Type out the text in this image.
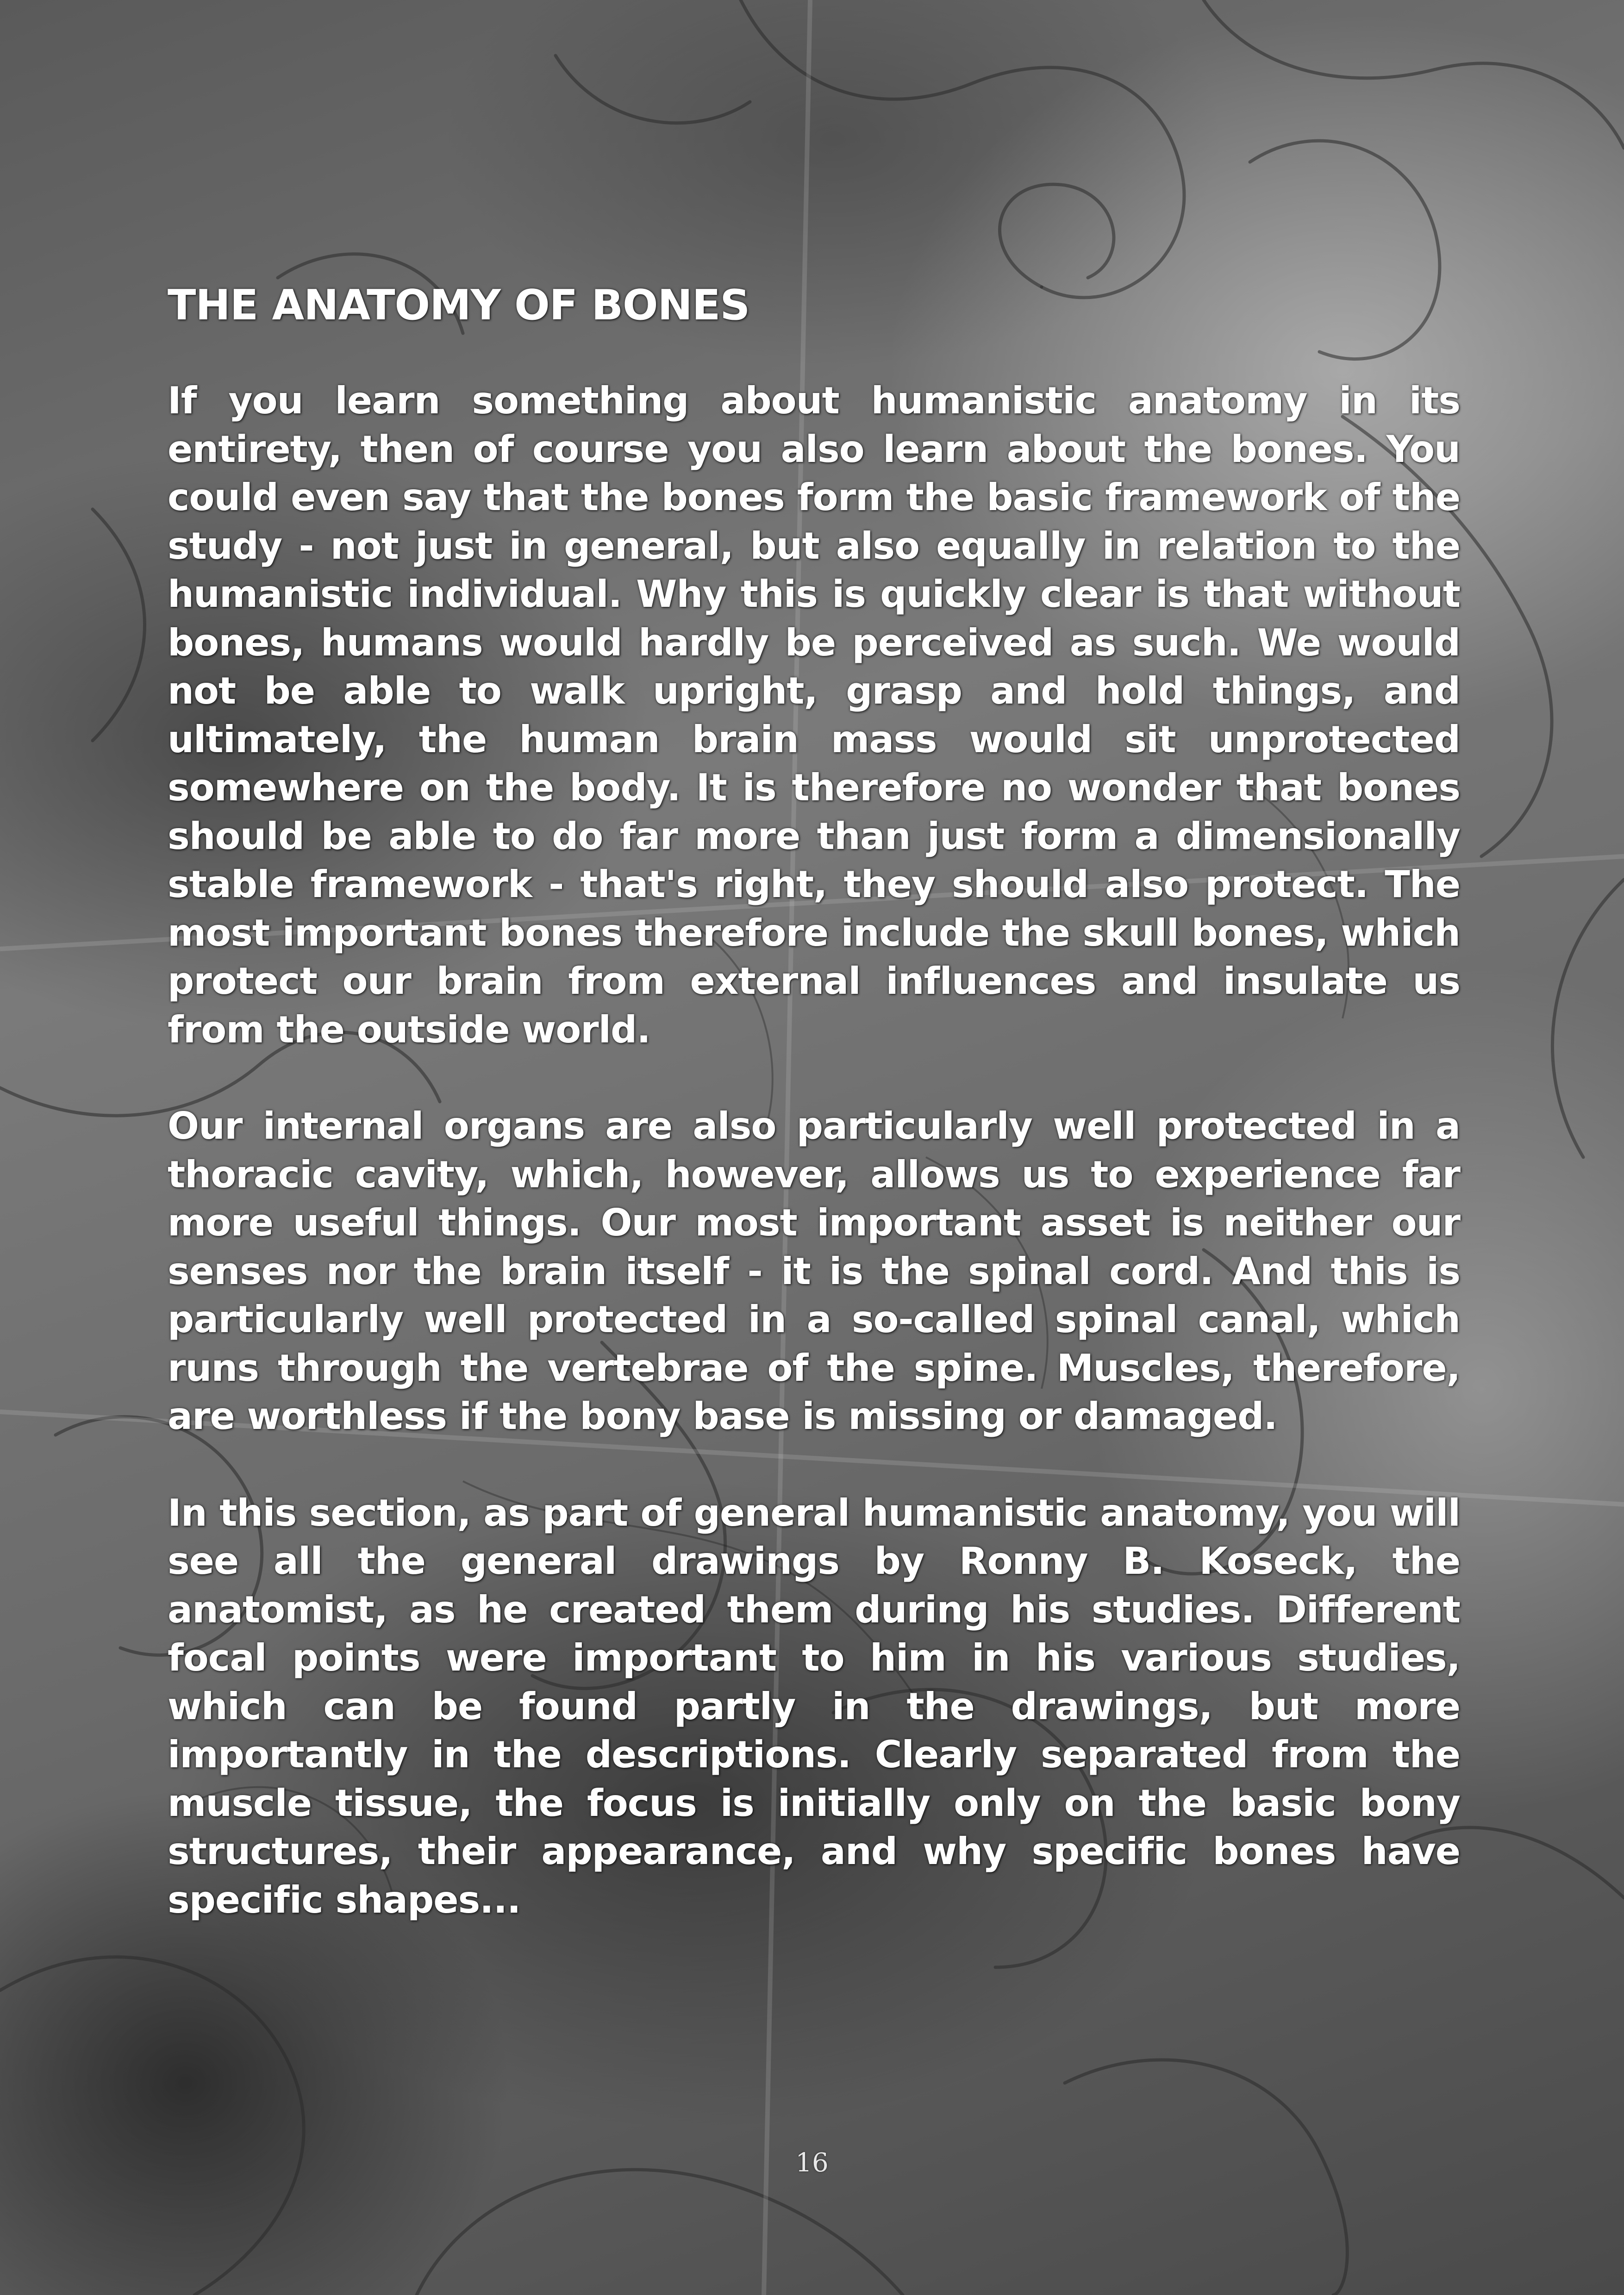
THE ANATOMY OF BONES

If you learn something about humanistic anatomy in its entirety, then of course you also learn about the bones. You could even say that the bones form the basic framework of the study - not just in general, but also equally in relation to the humanistic individual. Why this is quickly clear is that without bones, humans would hardly be perceived as such. We would not be able to walk upright, grasp and hold things, and ultimately, the human brain mass would sit unprotected somewhere on the body. It is therefore no wonder that bones should be able to do far more than just form a dimensionally stable framework - that's right, they should also protect. The most important bones therefore include the skull bones, which protect our brain from external influences and insulate us from the outside world.

Our internal organs are also particularly well protected in a thoracic cavity, which, however, allows us to experience far more useful things. Our most important asset is neither our senses nor the brain itself - it is the spinal cord. And this is particularly well protected in a so-called spinal canal, which runs through the vertebrae of the spine. Muscles, therefore, are worthless if the bony base is missing or damaged.

In this section, as part of general humanistic anatomy, you will see all the general drawings by Ronny B. Koseck, the anatomist, as he created them during his studies. Different focal points were important to him in his various studies, which can be found partly in the drawings, but more importantly in the descriptions. Clearly separated from the muscle tissue, the focus is initially only on the basic bony structures, their appearance, and why specific bones have specific shapes...

16
